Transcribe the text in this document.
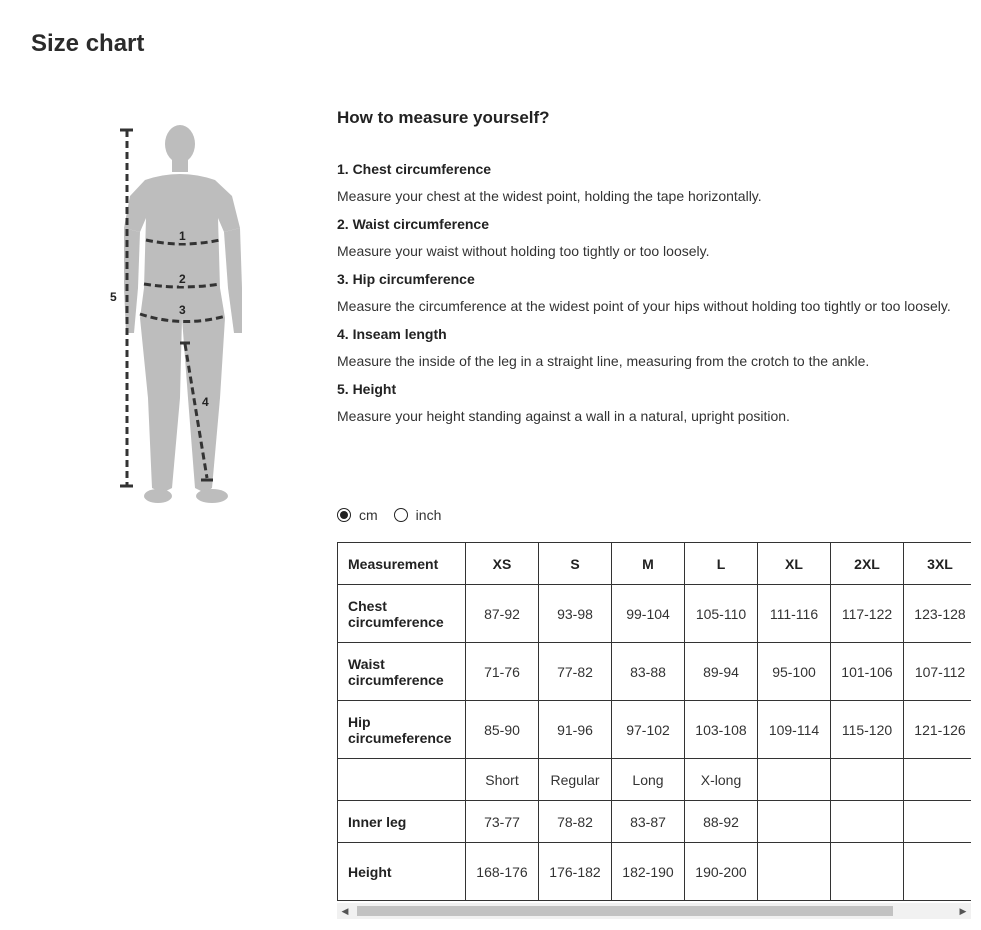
Size chart
1
2
3
4
5
How to measure yourself?

1. Chest circumference

Measure your chest at the widest point, holding the tape horizontally.

2. Waist circumference

Measure your waist without holding too tightly or too loosely.

3. Hip circumference

Measure the circumference at the widest point of your hips without holding too tightly or too loosely.

4. Inseam length

Measure the inside of the leg in a straight line, measuring from the crotch to the ankle.

5. Height

Measure your height standing against a wall in a natural, upright position.

cm	inch
Measurement	XS	S	M	L	XL	2XL	3XL
Chest circumference	87-92	93-98	99-104	105-110	111-116	117-122	123-128
Waist circumference	71-76	77-82	83-88	89-94	95-100	101-106	107-112
Hip circumeference	85-90	91-96	97-102	103-108	109-114	115-120	121-126
	Short	Regular	Long	X-long			
Inner leg	73-77	78-82	83-87	88-92			
Height	168-176	176-182	182-190	190-200			
◀	▶
